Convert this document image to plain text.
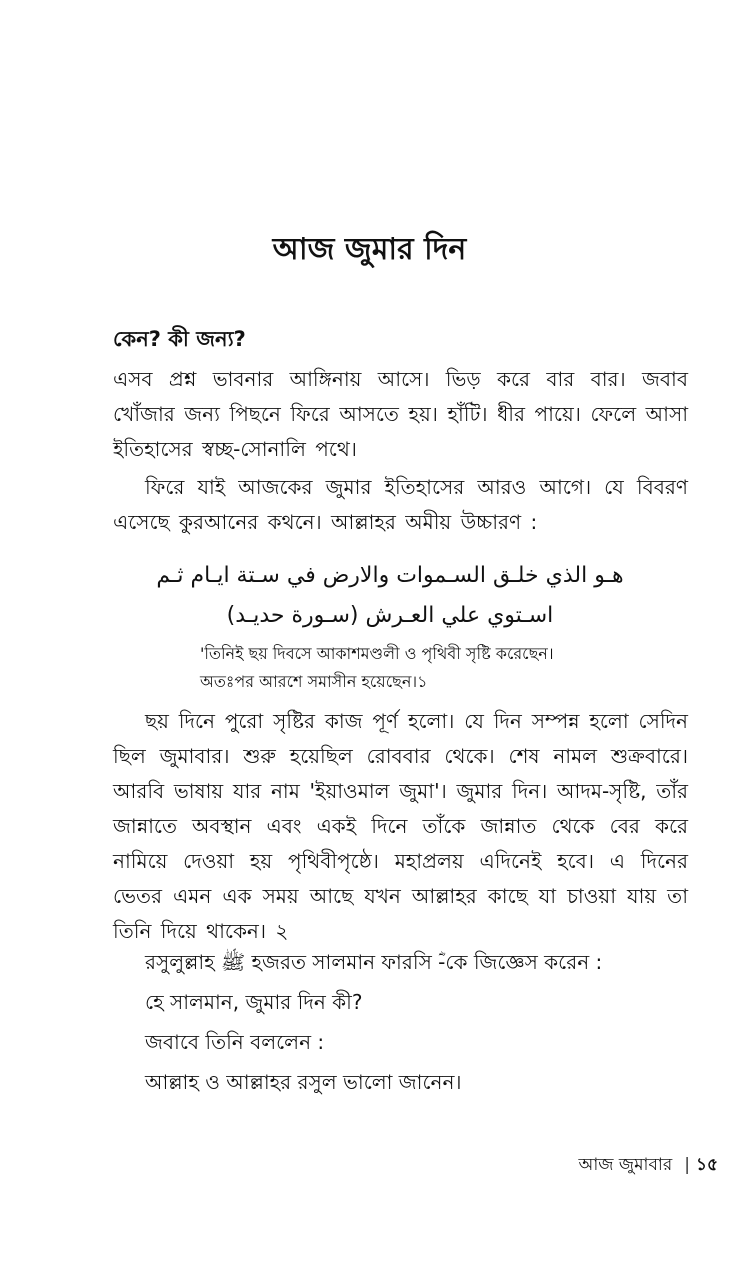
আজ জুমার দিন
কেন? কী জন্য?
এসব প্রশ্ন ভাবনার আঙ্গিনায় আসে। ভিড় করে বার বার। জবাব খোঁজার জন্য পিছনে ফিরে আসতে হয়। হাঁটি। ধীর পায়ে। ফেলে আসা ইতিহাসের স্বচ্ছ-সোনালি পথে।
ফিরে যাই আজকের জুমার ইতিহাসের আরও আগে। যে বিবরণ এসেছে কুরআনের কথনে। আল্লাহর অমীয় উচ্চারণ :
هـو الذي خلـق السـموات والارض في سـتة ايـام ثـم
اسـتوي علي العـرش (سـورة حديـد)
'তিনিই ছয় দিবসে আকাশমণ্ডলী ও পৃথিবী সৃষ্টি করেছেন।
অতঃপর আরশে সমাসীন হয়েছেন।১
ছয় দিনে পুরো সৃষ্টির কাজ পূর্ণ হলো। যে দিন সম্পন্ন হলো সেদিন ছিল জুমাবার। শুরু হয়েছিল রোববার থেকে। শেষ নামল শুক্রবারে। আরবি ভাষায় যার নাম 'ইয়াওমাল জুমা'। জুমার দিন। আদম-সৃষ্টি, তাঁর জান্নাতে অবস্থান এবং একই দিনে তাঁকে জান্নাত থেকে বের করে নামিয়ে দেওয়া হয় পৃথিবীপৃষ্ঠে। মহাপ্রলয় এদিনেই হবে। এ দিনের ভেতর এমন এক সময় আছে যখন আল্লাহর কাছে যা চাওয়া যায় তা তিনি দিয়ে থাকেন। ২
রসুলুল্লাহ ﷺ হজরত সালমান ফারসি ؓ-কে জিজ্ঞেস করেন :
হে সালমান, জুমার দিন কী?
জবাবে তিনি বললেন :
আল্লাহ ও আল্লাহর রসুল ভালো জানেন।
আজ জুমাবার | ১৫
